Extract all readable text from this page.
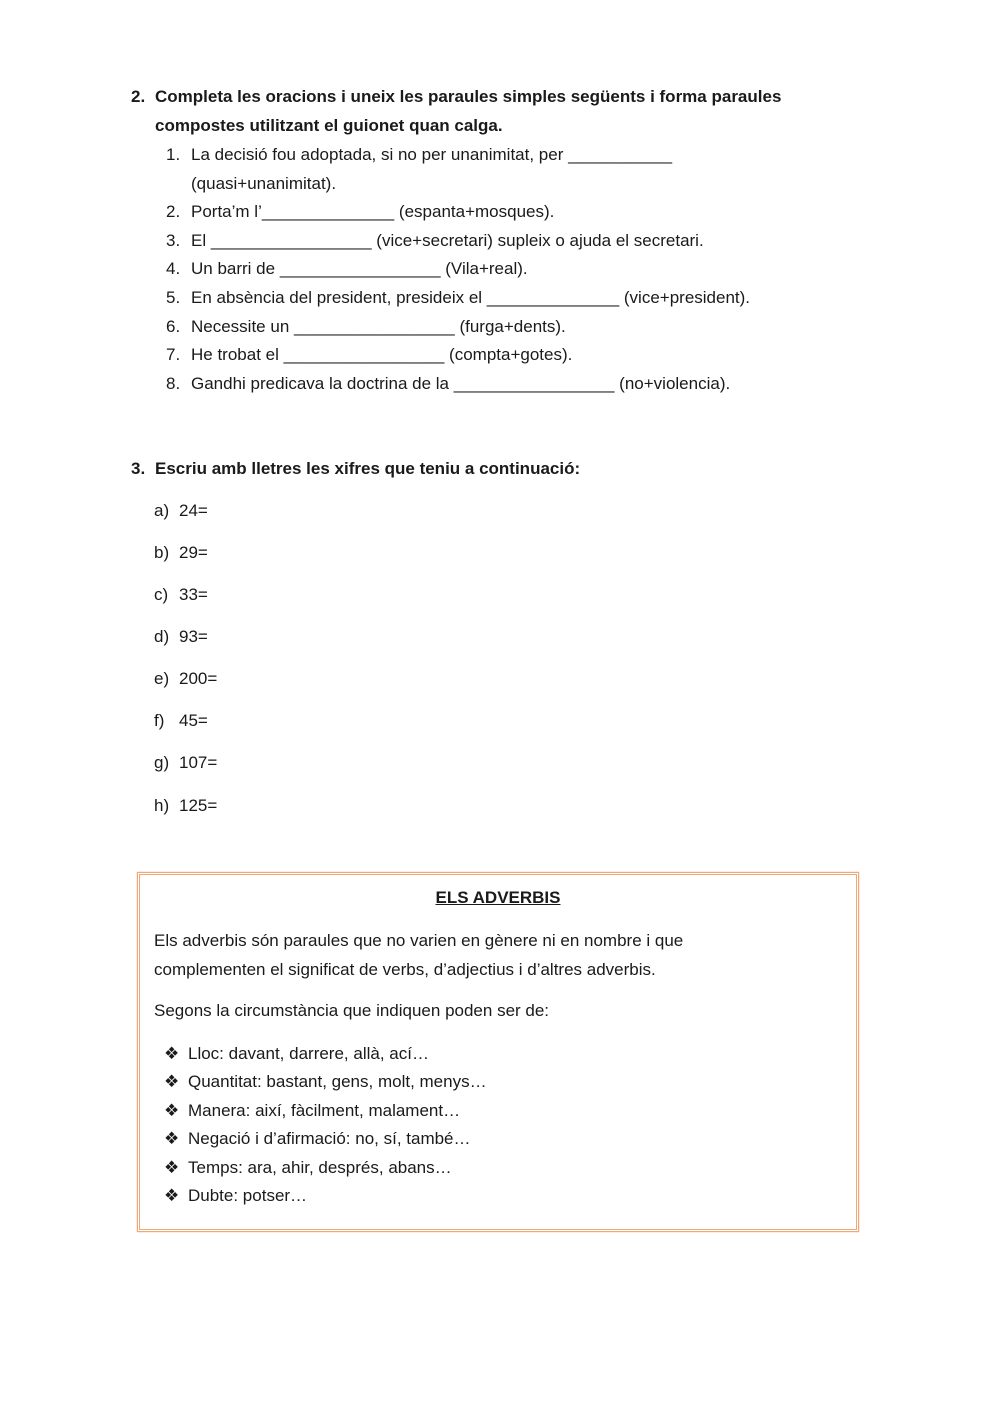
2. Completa les oracions i uneix les paraules simples següents i forma paraules
compostes utilitzant el guionet quan calga.
1. La decisió fou adoptada, si no per unanimitat, per ___________
(quasi+unanimitat).
2. Porta’m l’______________ (espanta+mosques).
3. El _________________ (vice+secretari) supleix o ajuda el secretari.
4. Un barri de _________________ (Vila+real).
5. En absència del president, presideix el ______________ (vice+president).
6. Necessite un _________________ (furga+dents).
7. He trobat el _________________ (compta+gotes).
8. Gandhi predicava la doctrina de la _________________ (no+violencia).
3. Escriu amb lletres les xifres que teniu a continuació:
a) 24=
b) 29=
c) 33=
d) 93=
e) 200=
f) 45=
g) 107=
h) 125=
ELS ADVERBIS
Els adverbis són paraules que no varien en gènere ni en nombre i que
complementen el significat de verbs, d’adjectius i d’altres adverbis.
Segons la circumstància que indiquen poden ser de:
❖ Lloc: davant, darrere, allà, ací…
❖ Quantitat: bastant, gens, molt, menys…
❖ Manera: així, fàcilment, malament…
❖ Negació i d’afirmació: no, sí, també…
❖ Temps: ara, ahir, després, abans…
❖ Dubte: potser…
